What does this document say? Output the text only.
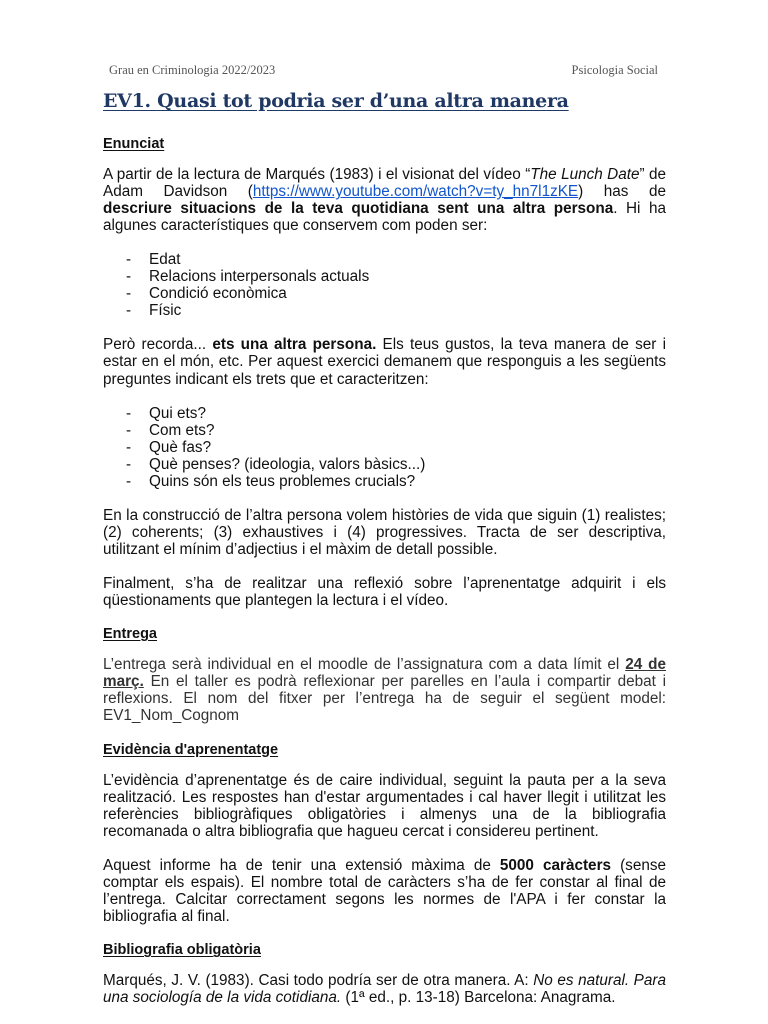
Grau en Criminologia 2022/2023	Psicologia Social
EV1. Quasi tot podria ser d’una altra manera
Enunciat

A partir de la lectura de Marqués (1983) i el visionat del vídeo “The Lunch Date” de Adam Davidson (https://www.youtube.com/watch?v=ty_hn7l1zKE) has de descriure situacions de la teva quotidiana sent una altra persona. Hi ha algunes característiques que conservem com poden ser:

- Edat
- Relacions interpersonals actuals
- Condició econòmica
- Físic

Però recorda... ets una altra persona. Els teus gustos, la teva manera de ser i estar en el món, etc. Per aquest exercici demanem que responguis a les següents preguntes indicant els trets que et caracteritzen:

- Qui ets?
- Com ets?
- Què fas?
- Què penses? (ideologia, valors bàsics...)
- Quins són els teus problemes crucials?

En la construcció de l’altra persona volem històries de vida que siguin (1) realistes; (2) coherents; (3) exhaustives i (4) progressives. Tracta de ser descriptiva, utilitzant el mínim d’adjectius i el màxim de detall possible.

Finalment, s’ha de realitzar una reflexió sobre l’aprenentatge adquirit i els qüestionaments que plantegen la lectura i el vídeo.

Entrega

L’entrega serà individual en el moodle de l’assignatura com a data límit el 24 de març. En el taller es podrà reflexionar per parelles en l’aula i compartir debat i reflexions. El nom del fitxer per l’entrega ha de seguir el següent model: EV1_Nom_Cognom

Evidència d'aprenentatge

L’evidència d’aprenentatge és de caire individual, seguint la pauta per a la seva realització. Les respostes han d'estar argumentades i cal haver llegit i utilitzat les referències bibliogràfiques obligatòries i almenys una de la bibliografia recomanada o altra bibliografia que hagueu cercat i considereu pertinent.

Aquest informe ha de tenir una extensió màxima de 5000 caràcters (sense comptar els espais). El nombre total de caràcters s’ha de fer constar al final de l’entrega. Calcitar correctament segons les normes de l'APA i fer constar la bibliografia al final.

Bibliografia obligatòria

Marqués, J. V. (1983). Casi todo podría ser de otra manera. A: No es natural. Para una sociología de la vida cotidiana. (1ª ed., p. 13-18) Barcelona: Anagrama.
